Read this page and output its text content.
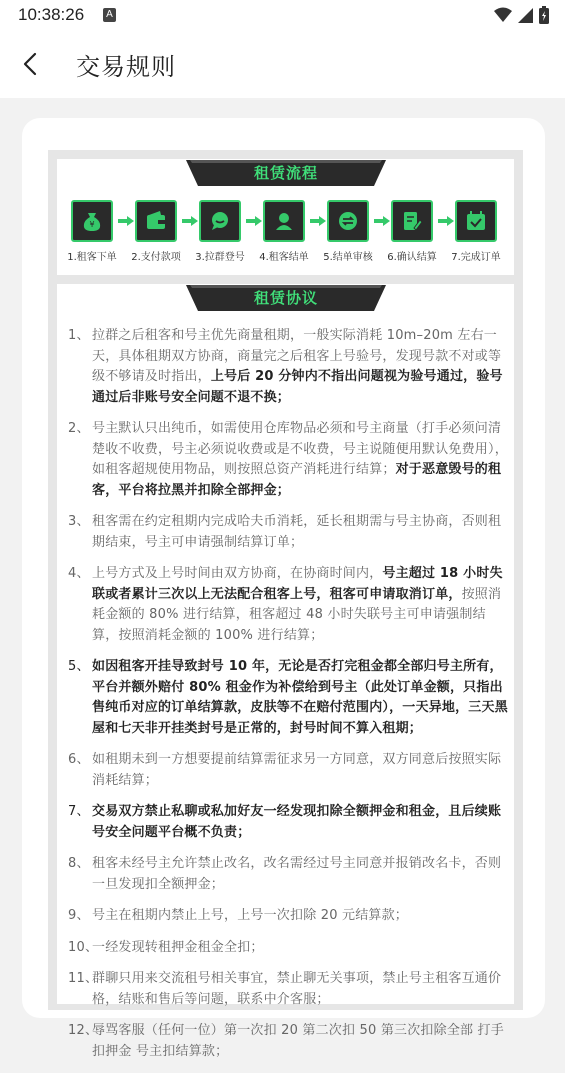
10:38:26	A
交易规则
租赁流程
¥
1.租客下单	2.支付款项	3.拉群登号	4.租客结单	5.结单审核	6.确认结算	7.完成订单
租赁协议
1、 拉群之后租客和号主优先商量租期，一般实际消耗 10m–20m 左右一天，具体租期双方协商，商量完之后租客上号验号，发现号款不对或等级不够请及时指出，上号后 20 分钟内不指出问题视为验号通过，验号通过后非账号安全问题不退不换；
2、 号主默认只出纯币，如需使用仓库物品必须和号主商量（打手必须问清楚收不收费，号主必须说收费或是不收费，号主说随便用默认免费用），如租客超规使用物品，则按照总资产消耗进行结算；对于恶意毁号的租客，平台将拉黑并扣除全部押金；
3、 租客需在约定租期内完成哈夫币消耗，延长租期需与号主协商，否则租期结束，号主可申请强制结算订单；
4、 上号方式及上号时间由双方协商，在协商时间内，号主超过 18 小时失联或者累计三次以上无法配合租客上号，租客可申请取消订单，按照消耗金额的 80% 进行结算，租客超过 48 小时失联号主可申请强制结算，按照消耗金额的 100% 进行结算；
5、 如因租客开挂导致封号 10 年，无论是否打完租金都全部归号主所有，平台并额外赔付 80% 租金作为补偿给到号主（此处订单金额，只指出售纯币对应的订单结算款，皮肤等不在赔付范围内），一天异地，三天黑屋和七天非开挂类封号是正常的，封号时间不算入租期；
6、 如租期未到一方想要提前结算需征求另一方同意，双方同意后按照实际消耗结算；
7、 交易双方禁止私聊或私加好友一经发现扣除全额押金和租金，且后续账号安全问题平台概不负责；
8、 租客未经号主允许禁止改名，改名需经过号主同意并报销改名卡，否则一旦发现扣全额押金；
9、 号主在租期内禁止上号，上号一次扣除 20 元结算款；
10、
一经发现转租押金租金全扣；
11、
群聊只用来交流租号相关事宜，禁止聊无关事项，禁止号主租客互通价格，结账和售后等问题，联系中介客服；
12、
辱骂客服（任何一位）第一次扣 20 第二次扣 50 第三次扣除全部 打手扣押金 号主扣结算款；
